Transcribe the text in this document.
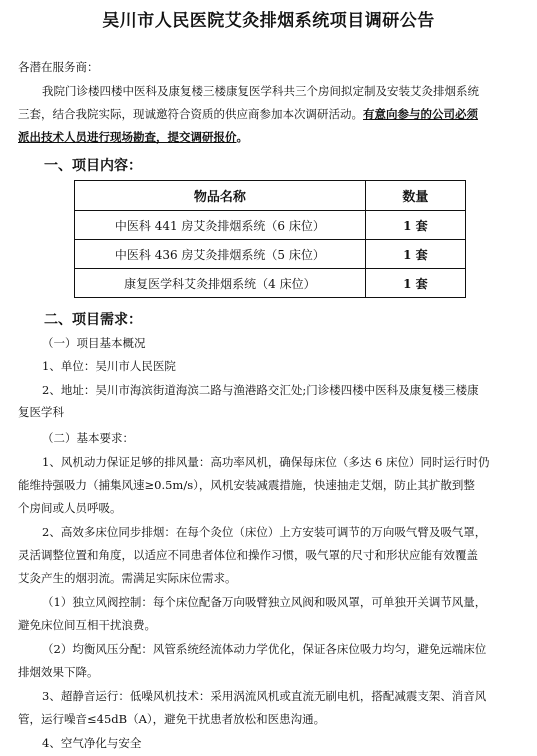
吴川市人民医院艾灸排烟系统项目调研公告
各潜在服务商：
我院门诊楼四楼中医科及康复楼三楼康复医学科共三个房间拟定制及安装艾灸排烟系统
三套，结合我院实际，现诚邀符合资质的供应商参加本次调研活动。有意向参与的公司必须
派出技术人员进行现场勘查，提交调研报价。
一、项目内容：
物品名称	数量
中医科 441 房艾灸排烟系统（6 床位）	1 套
中医科 436 房艾灸排烟系统（5 床位）	1 套
康复医学科艾灸排烟系统（4 床位）	1 套
二、项目需求：
（一）项目基本概况
1、单位：吴川市人民医院
2、地址：吴川市海滨街道海滨二路与渔港路交汇处;门诊楼四楼中医科及康复楼三楼康
复医学科
（二）基本要求：
1、风机动力保证足够的排风量：高功率风机，确保每床位（多达 6 床位）同时运行时仍
能维持强吸力（捕集风速≥0.5m/s），风机安装减震措施，快速抽走艾烟，防止其扩散到整
个房间或人员呼吸。
2、高效多床位同步排烟：在每个灸位（床位）上方安装可调节的万向吸气臂及吸气罩，
灵活调整位置和角度，以适应不同患者体位和操作习惯，吸气罩的尺寸和形状应能有效覆盖
艾灸产生的烟羽流。需满足实际床位需求。
（1）独立风阀控制：每个床位配备万向吸臂独立风阀和吸风罩，可单独开关调节风量，
避免床位间互相干扰浪费。
（2）均衡风压分配：风管系统经流体动力学优化，保证各床位吸力均匀，避免远端床位
排烟效果下降。
3、超静音运行：低噪风机技术：采用涡流风机或直流无刷电机，搭配减震支架、消音风
管，运行噪音≤45dB（A），避免干扰患者放松和医患沟通。
4、空气净化与安全
